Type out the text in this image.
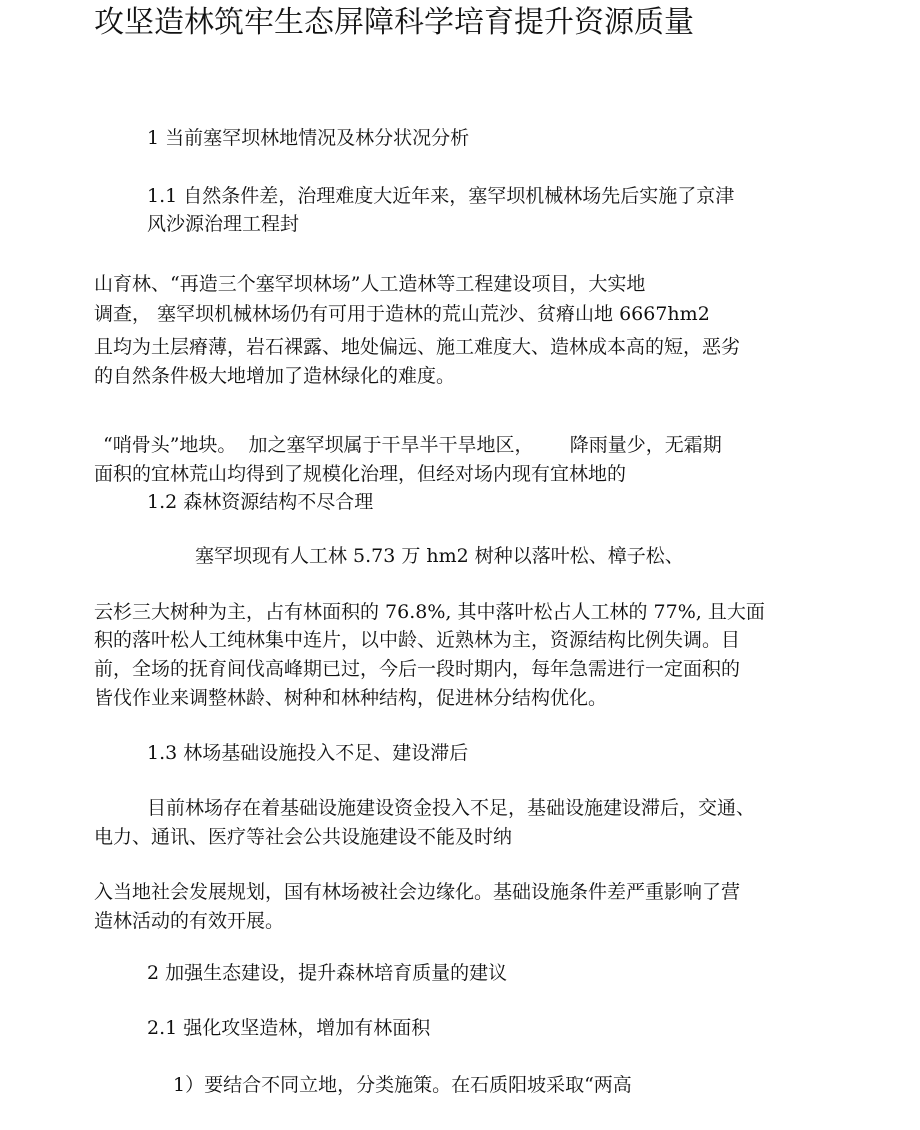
攻坚造林筑牢生态屏障科学培育提升资源质量

1 当前塞罕坝林地情况及林分状况分析

1.1 自然条件差，治理难度大近年来，塞罕坝机械林场先后实施了京津

风沙源治理工程封

山育林、“再造三个塞罕坝林场”人工造林等工程建设项目，大实地

调查， 塞罕坝机械林场仍有可用于造林的荒山荒沙、贫瘠山地 6667hm2

且均为土层瘠薄，岩石裸露、地处偏远、施工难度大、造林成本高的短，恶劣

的自然条件极大地增加了造林绿化的难度。

“哨骨头”地块。  加之塞罕坝属于干旱半干旱地区，      降雨量少，无霜期

面积的宜林荒山均得到了规模化治理，但经对场内现有宜林地的

1.2 森林资源结构不尽合理

塞罕坝现有人工林 5.73 万 hm2 树种以落叶松、樟子松、

云杉三大树种为主，占有林面积的 76.8%, 其中落叶松占人工林的 77%, 且大面

积的落叶松人工纯林集中连片，以中龄、近熟林为主，资源结构比例失调。目

前，全场的抚育间伐高峰期已过，今后一段时期内，每年急需进行一定面积的

皆伐作业来调整林龄、树种和林种结构，促进林分结构优化。

1.3 林场基础设施投入不足、建设滞后

目前林场存在着基础设施建设资金投入不足，基础设施建设滞后，交通、

电力、通讯、医疗等社会公共设施建设不能及时纳

入当地社会发展规划，国有林场被社会边缘化。基础设施条件差严重影响了营

造林活动的有效开展。

2 加强生态建设，提升森林培育质量的建议

2.1 强化攻坚造林，增加有林面积

1）要结合不同立地，分类施策。在石质阳坡采取“两高
